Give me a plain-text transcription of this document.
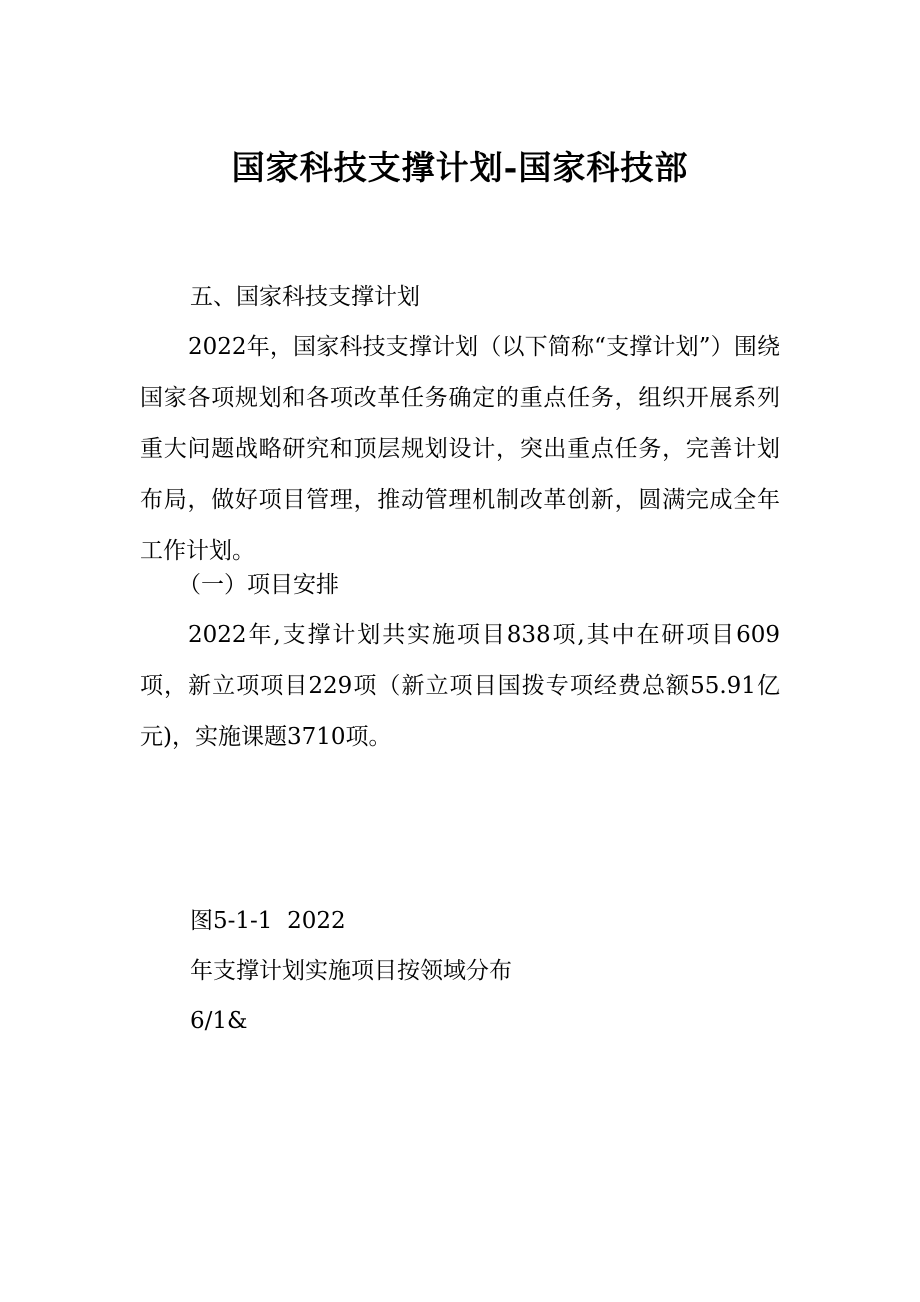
国家科技支撑计划-国家科技部

五、国家科技支撑计划

2022年，国家科技支撑计划（以下简称“支撑计划”）围绕国家各项规划和各项改革任务确定的重点任务，组织开展系列重大问题战略研究和顶层规划设计，突出重点任务，完善计划布局，做好项目管理，推动管理机制改革创新，圆满完成全年工作计划。

（一）项目安排

2022年,支撑计划共实施项目838项,其中在研项目609项，新立项项目229项（新立项目国拨专项经费总额55.91亿元)，实施课题3710项。

图5-1-1  2022

年支撑计划实施项目按领域分布

6/1&
